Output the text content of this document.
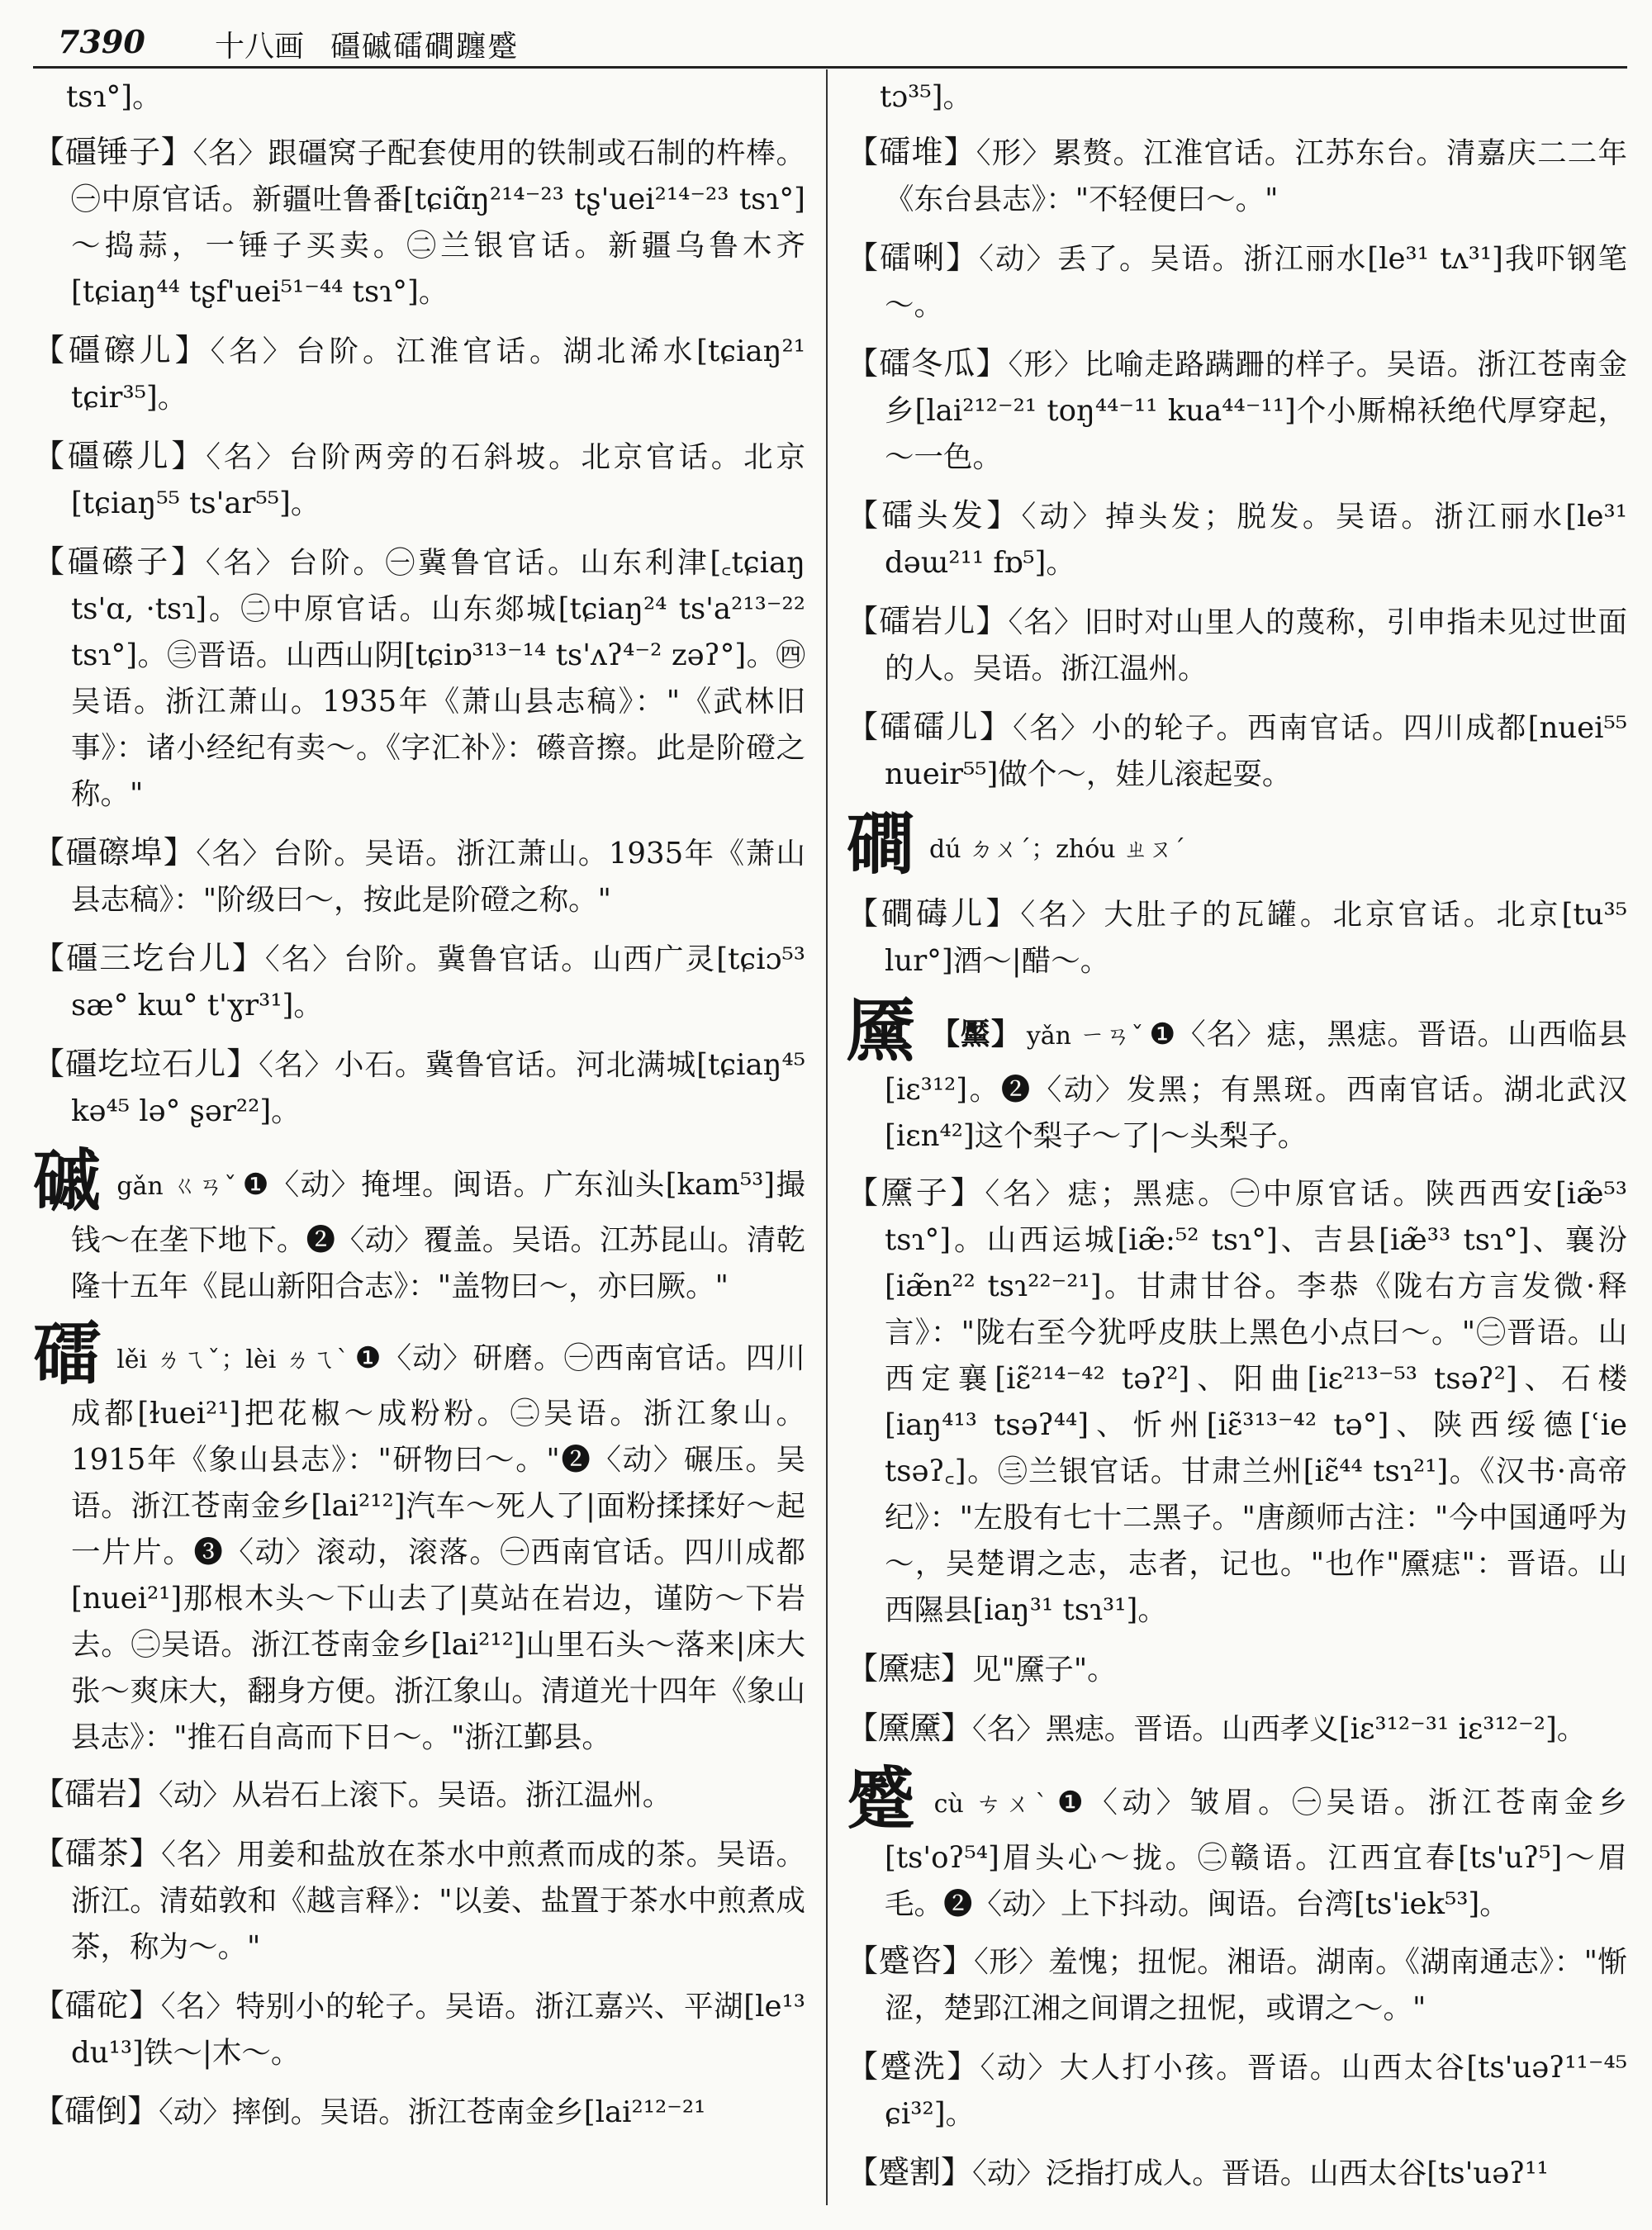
7390 十八画 礓磩礌磵躔蹙
tsɿ°]。
【礓锤子】〈名〉跟礓窝子配套使用的铁制或石制的杵棒。㊀中原官话。新疆吐鲁番[tɕiɑ̃ŋ²¹⁴⁻²³ tʂ'uei²¹⁴⁻²³ tsɿ°]～捣蒜，一锤子买卖。㊁兰银官话。新疆乌鲁木齐[tɕiaŋ⁴⁴ tʂf'uei⁵¹⁻⁴⁴ tsɿ°]。
【礓䃰儿】〈名〉台阶。江淮官话。湖北浠水[tɕiaŋ²¹ tɕir³⁵]。
【礓礤儿】〈名〉台阶两旁的石斜坡。北京官话。北京[tɕiaŋ⁵⁵ ts'ar⁵⁵]。
【礓礤子】〈名〉台阶。㊀冀鲁官话。山东利津[꜀tɕiaŋ ts'ɑ, ·tsɿ]。㊁中原官话。山东郯城[tɕiaŋ²⁴ ts'a²¹³⁻²² tsɿ°]。㊂晋语。山西山阴[tɕiɒ³¹³⁻¹⁴ ts'ʌʔ⁴⁻² zəʔ°]。㊃吴语。浙江萧山。1935年《萧山县志稿》："《武林旧事》：诸小经纪有卖～。《字汇补》：礤音擦。此是阶磴之称。"
【礓䃰埠】〈名〉台阶。吴语。浙江萧山。1935年《萧山县志稿》："阶级曰～，按此是阶磴之称。"
【礓三圪台儿】〈名〉台阶。冀鲁官话。山西广灵[tɕiɔ⁵³ sæ° kɯ° t'ɣr³¹]。
【礓圪垃石儿】〈名〉小石。冀鲁官话。河北满城[tɕiaŋ⁴⁵ kə⁴⁵ lə° ʂər²²]。
磩gǎn ㄍㄢˇ ❶〈动〉掩埋。闽语。广东汕头[kam⁵³]撮钱～在垄下地下。❷〈动〉覆盖。吴语。江苏昆山。清乾隆十五年《昆山新阳合志》："盖物曰～，亦曰厥。"
礌lěi ㄌㄟˇ；lèi ㄌㄟˋ ❶〈动〉研磨。㊀西南官话。四川成都[ɫuei²¹]把花椒～成粉粉。㊁吴语。浙江象山。1915年《象山县志》："研物曰～。"❷〈动〉碾压。吴语。浙江苍南金乡[lai²¹²]汽车～死人了|面粉揉揉好～起一片片。❸〈动〉滚动，滚落。㊀西南官话。四川成都[nuei²¹]那根木头～下山去了|莫站在岩边，谨防～下岩去。㊁吴语。浙江苍南金乡[lai²¹²]山里石头～落来|床大张～爽床大，翻身方便。浙江象山。清道光十四年《象山县志》："推石自高而下日～。"浙江鄞县。
【礌岩】〈动〉从岩石上滚下。吴语。浙江温州。
【礌茶】〈名〉用姜和盐放在茶水中煎煮而成的茶。吴语。浙江。清茹敦和《越言释》："以姜、盐置于茶水中煎煮成茶，称为～。"
【礌砣】〈名〉特别小的轮子。吴语。浙江嘉兴、平湖[le¹³ du¹³]铁～|木～。
【礌倒】〈动〉摔倒。吴语。浙江苍南金乡[lai²¹²⁻²¹
tɔ³⁵]。
【礌堆】〈形〉累赘。江淮官话。江苏东台。清嘉庆二二年《东台县志》："不轻便曰～。"
【礌唎】〈动〉丢了。吴语。浙江丽水[le³¹ tʌ³¹]我吓钢笔～。
【礌冬瓜】〈形〉比喻走路蹒跚的样子。吴语。浙江苍南金乡[lai²¹²⁻²¹ toŋ⁴⁴⁻¹¹ kua⁴⁴⁻¹¹]个小厮棉袄绝代厚穿起，～一色。
【礌头发】〈动〉掉头发；脱发。吴语。浙江丽水[le³¹ dəɯ²¹¹ fɒ⁵]。
【礌岩儿】〈名〉旧时对山里人的蔑称，引申指未见过世面的人。吴语。浙江温州。
【礌礌儿】〈名〉小的轮子。西南官话。四川成都[nuei⁵⁵ nueir⁵⁵]做个～，娃儿滚起耍。
磵dú ㄉㄨˊ；zhóu ㄓㄡˊ
【磵碡儿】〈名〉大肚子的瓦罐。北京官话。北京[tu³⁵ lur°]酒～|醋～。
黡 【黶】 yǎn ㄧㄢˇ ❶〈名〉痣，黑痣。晋语。山西临县[iɛ³¹²]。❷〈动〉发黑；有黑斑。西南官话。湖北武汉[iɛn⁴²]这个梨子～了|～头梨子。
【黡子】〈名〉痣；黑痣。㊀中原官话。陕西西安[iæ̃⁵³ tsɿ°]。山西运城[iæ̃:⁵² tsɿ°]、吉县[iæ̃³³ tsɿ°]、襄汾[iæ̃n²² tsɿ²²⁻²¹]。甘肃甘谷。李恭《陇右方言发微·释言》："陇右至今犹呼皮肤上黑色小点曰～。"㊁晋语。山西定襄[iɛ̃²¹⁴⁻⁴² təʔ²]、阳曲[iɛ²¹³⁻⁵³ tsəʔ²]、石楼[iaŋ⁴¹³ tsəʔ⁴⁴]、忻州[iɛ̃³¹³⁻⁴² tə°]、陕西绥德[ʿie tsəʔ꜀]。㊂兰银官话。甘肃兰州[iɛ̃⁴⁴ tsɿ²¹]。《汉书·高帝纪》："左股有七十二黑子。"唐颜师古注："今中国通呼为～，吴楚谓之志，志者，记也。"也作"黡痣"：晋语。山西隰县[iaŋ³¹ tsɿ³¹]。
【黡痣】见"黡子"。
【黡黡】〈名〉黑痣。晋语。山西孝义[iɛ³¹²⁻³¹ iɛ³¹²⁻²]。
蹙cù ㄘㄨˋ ❶〈动〉皱眉。㊀吴语。浙江苍南金乡[ts'oʔ⁵⁴]眉头心～拢。㊁赣语。江西宜春[ts'uʔ⁵]～眉毛。❷〈动〉上下抖动。闽语。台湾[ts'iek⁵³]。
【蹙咨】〈形〉羞愧；扭怩。湘语。湖南。《湖南通志》："惭涩，楚郢江湘之间谓之扭怩，或谓之～。"
【蹙洗】〈动〉大人打小孩。晋语。山西太谷[ts'uəʔ¹¹⁻⁴⁵ ɕi³²]。
【蹙割】〈动〉泛指打成人。晋语。山西太谷[ts'uəʔ¹¹
